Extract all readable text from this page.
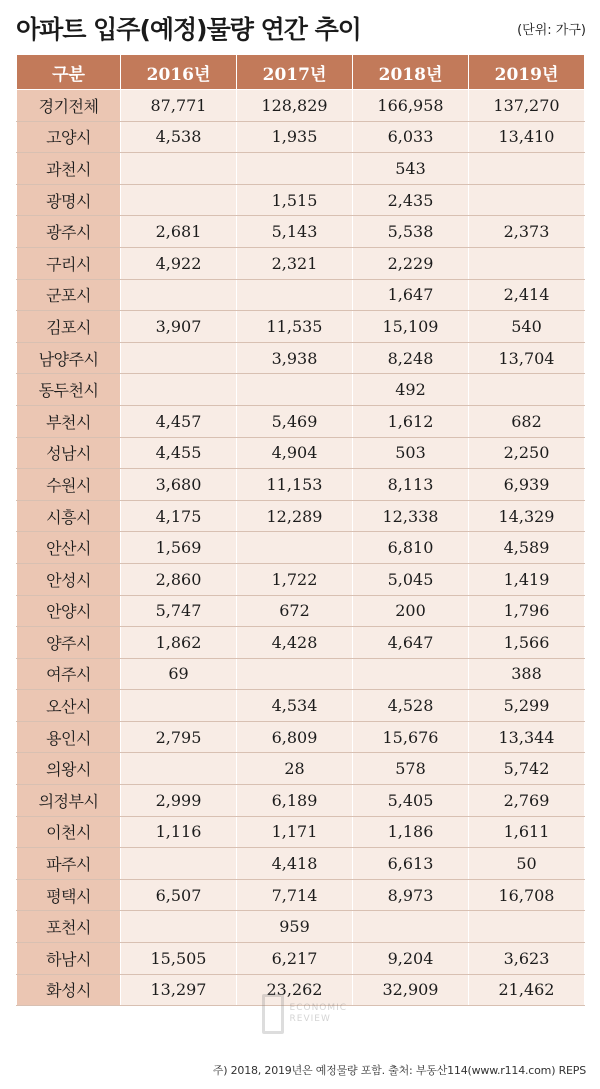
아파트 입주(예정)물량 연간 추이	(단위: 가구)
구분	2016년	2017년	2018년	2019년
경기전체	87,771	128,829	166,958	137,270
고양시	4,538	1,935	6,033	13,410
과천시			543	
광명시		1,515	2,435	
광주시	2,681	5,143	5,538	2,373
구리시	4,922	2,321	2,229	
군포시			1,647	2,414
김포시	3,907	11,535	15,109	540
남양주시		3,938	8,248	13,704
동두천시			492	
부천시	4,457	5,469	1,612	682
성남시	4,455	4,904	503	2,250
수원시	3,680	11,153	8,113	6,939
시흥시	4,175	12,289	12,338	14,329
안산시	1,569		6,810	4,589
안성시	2,860	1,722	5,045	1,419
안양시	5,747	672	200	1,796
양주시	1,862	4,428	4,647	1,566
여주시	69			388
오산시		4,534	4,528	5,299
용인시	2,795	6,809	15,676	13,344
의왕시		28	578	5,742
의정부시	2,999	6,189	5,405	2,769
이천시	1,116	1,171	1,186	1,611
파주시		4,418	6,613	50
평택시	6,507	7,714	8,973	16,708
포천시		959		
하남시	15,505	6,217	9,204	3,623
화성시	13,297	23,262	32,909	21,462
ECONOMIC REVIEW
주) 2018, 2019년은 예정물량 포함. 출처: 부동산114(www.r114.com) REPS
